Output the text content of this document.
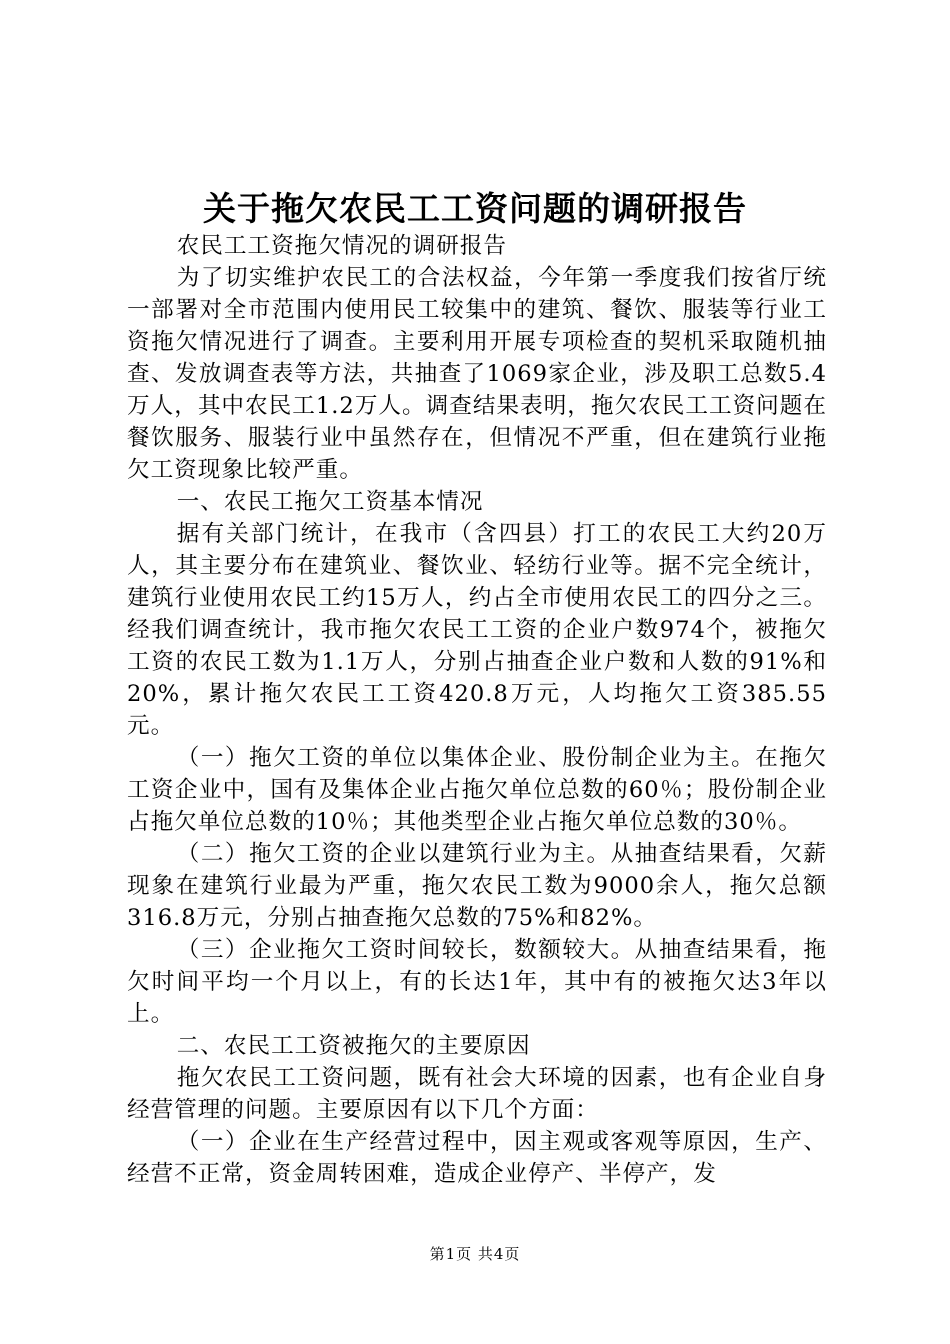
关于拖欠农民工工资问题的调研报告

农民工工资拖欠情况的调研报告

为了切实维护农民工的合法权益，今年第一季度我们按省厅统一部署对全市范围内使用民工较集中的建筑、餐饮、服装等行业工资拖欠情况进行了调查。主要利用开展专项检查的契机采取随机抽查、发放调查表等方法，共抽查了1069家企业，涉及职工总数5.4万人，其中农民工1.2万人。调查结果表明，拖欠农民工工资问题在餐饮服务、服装行业中虽然存在，但情况不严重，但在建筑行业拖欠工资现象比较严重。

一、农民工拖欠工资基本情况

据有关部门统计，在我市（含四县）打工的农民工大约20万人，其主要分布在建筑业、餐饮业、轻纺行业等。据不完全统计，建筑行业使用农民工约15万人，约占全市使用农民工的四分之三。经我们调查统计，我市拖欠农民工工资的企业户数974个，被拖欠工资的农民工数为1.1万人，分别占抽查企业户数和人数的91%和20%，累计拖欠农民工工资420.8万元，人均拖欠工资385.55元。

（一）拖欠工资的单位以集体企业、股份制企业为主。在拖欠工资企业中，国有及集体企业占拖欠单位总数的60％；股份制企业占拖欠单位总数的10％；其他类型企业占拖欠单位总数的30％。

（二）拖欠工资的企业以建筑行业为主。从抽查结果看，欠薪现象在建筑行业最为严重，拖欠农民工数为9000余人，拖欠总额316.8万元，分别占抽查拖欠总数的75%和82%。

（三）企业拖欠工资时间较长，数额较大。从抽查结果看，拖欠时间平均一个月以上，有的长达1年，其中有的被拖欠达3年以上。

二、农民工工资被拖欠的主要原因

拖欠农民工工资问题，既有社会大环境的因素，也有企业自身经营管理的问题。主要原因有以下几个方面：

（一）企业在生产经营过程中，因主观或客观等原因，生产、经营不正常，资金周转困难，造成企业停产、半停产，发

第1页 共4页
